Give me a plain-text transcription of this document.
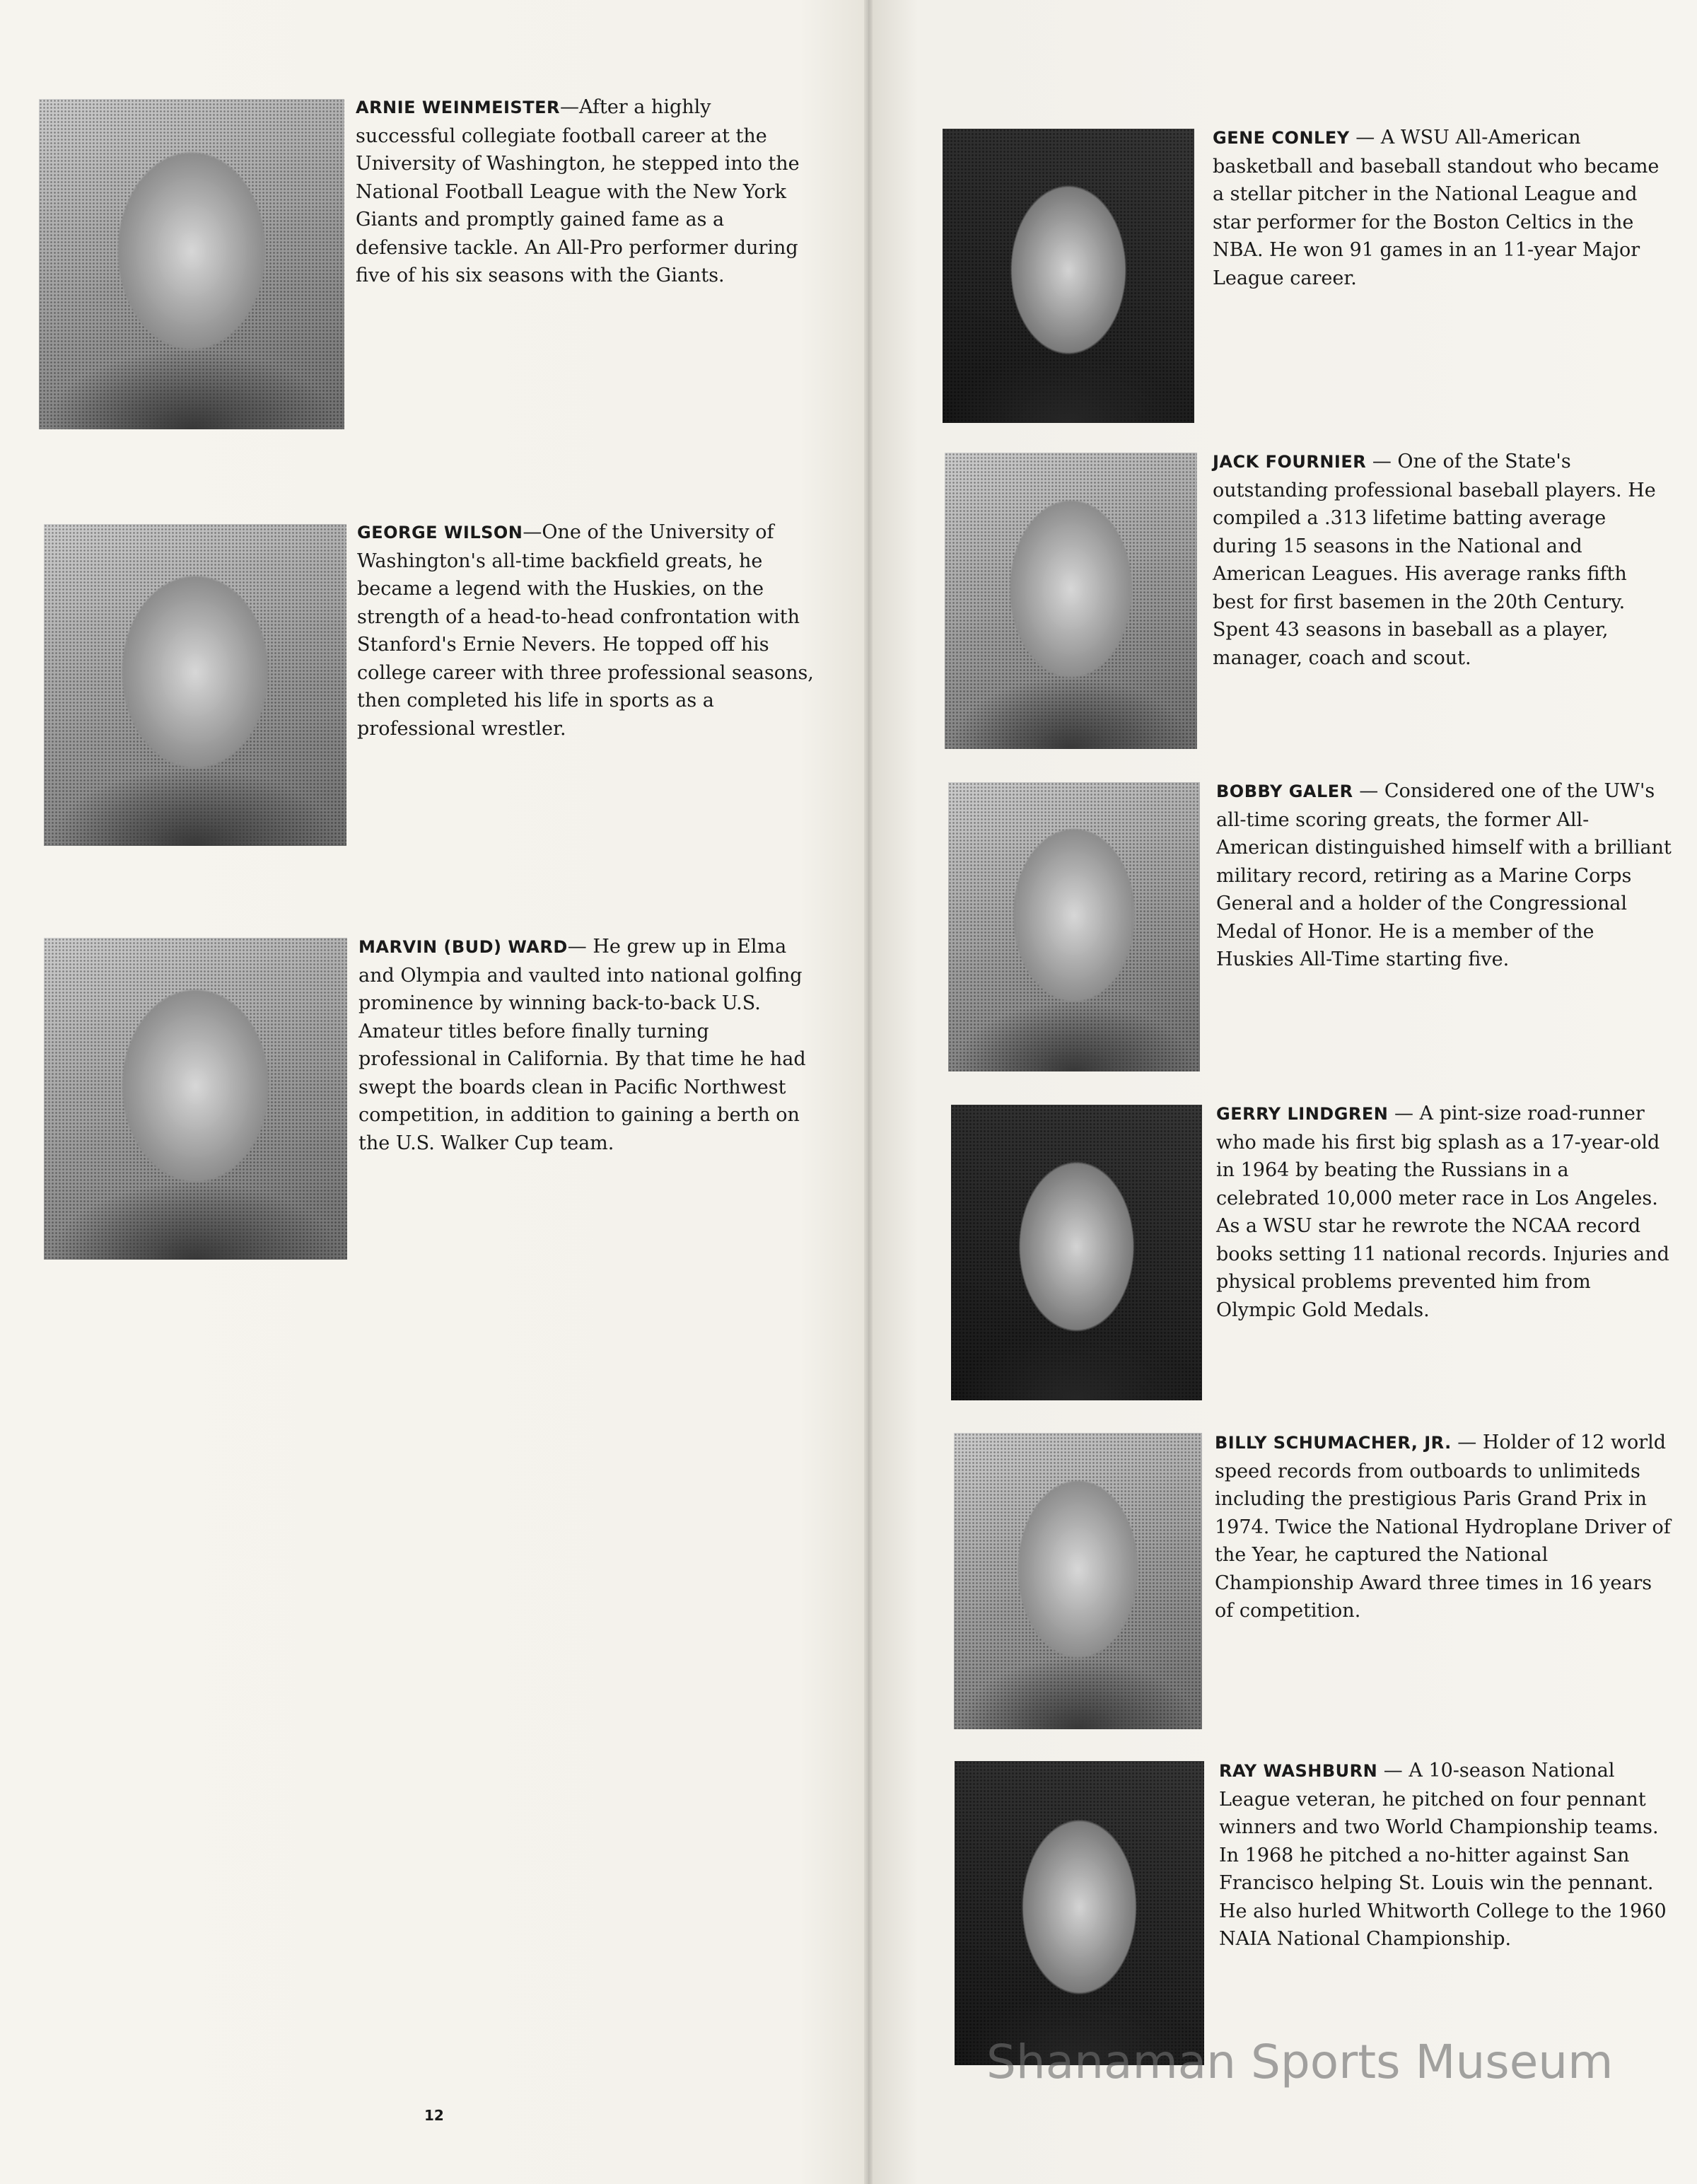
ARNIE WEINMEISTER—After a highly successful collegiate football career at the University of Washington, he stepped into the National Football League with the New York Giants and promptly gained fame as a defensive tackle. An All-Pro performer during five of his six seasons with the Giants.

GEORGE WILSON—One of the University of Washington's all-time backfield greats, he became a legend with the Huskies, on the strength of a head-to-head confrontation with Stanford's Ernie Nevers. He topped off his college career with three professional seasons, then completed his life in sports as a professional wrestler.

MARVIN (BUD) WARD— He grew up in Elma and Olympia and vaulted into national golfing prominence by winning back-to-back U.S. Amateur titles before finally turning professional in California. By that time he had swept the boards clean in Pacific Northwest competition, in addition to gaining a berth on the U.S. Walker Cup team.

12

GENE CONLEY — A WSU All-American basketball and baseball standout who became a stellar pitcher in the National League and star performer for the Boston Celtics in the NBA. He won 91 games in an 11-year Major League career.

JACK FOURNIER — One of the State's outstanding professional baseball players. He compiled a .313 lifetime batting average during 15 seasons in the National and American Leagues. His average ranks fifth best for first basemen in the 20th Century. Spent 43 seasons in baseball as a player, manager, coach and scout.

BOBBY GALER — Considered one of the UW's all-time scoring greats, the former All-American distinguished himself with a brilliant military record, retiring as a Marine Corps General and a holder of the Congressional Medal of Honor. He is a member of the Huskies All-Time starting five.

GERRY LINDGREN — A pint-size road-runner who made his first big splash as a 17-year-old in 1964 by beating the Russians in a celebrated 10,000 meter race in Los Angeles. As a WSU star he rewrote the NCAA record books setting 11 national records. Injuries and physical problems prevented him from Olympic Gold Medals.

BILLY SCHUMACHER, JR. — Holder of 12 world speed records from outboards to unlimiteds including the prestigious Paris Grand Prix in 1974. Twice the National Hydroplane Driver of the Year, he captured the National Championship Award three times in 16 years of competition.

RAY WASHBURN — A 10-season National League veteran, he pitched on four pennant winners and two World Championship teams. In 1968 he pitched a no-hitter against San Francisco helping St. Louis win the pennant. He also hurled Whitworth College to the 1960 NAIA National Championship.

Shanaman Sports Museum
